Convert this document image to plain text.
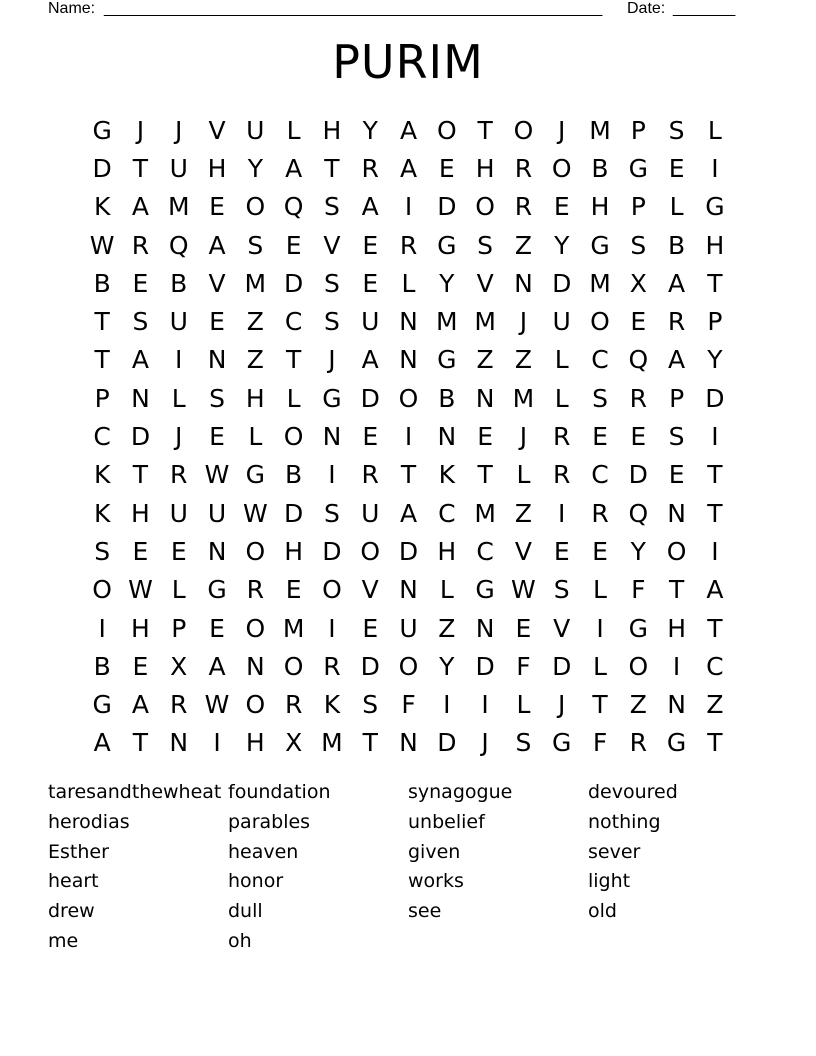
Name: ________________________________________________________ Date: _______
PURIM
G J	J	V U L H Y A O T O J M P S L
D T U H Y A T R A E H R O B G E	I
K A M E O Q S A	I D O R E H P L G
W R Q A S E V E R G S Z Y G S B H
B E B V M D S E L Y V N D M X A T
T S U E Z C S U N M M J	U O E R P
T A	I	N Z T	J	A N G Z Z L C Q A Y
P N L S H L G D O B N M L S R P D
C D J	E L O N E	I	N E	J	R E E S	I
K T R W G B	I	R T K T L R C D E T
K H U U W D S U A C M Z	I	R Q N T
S E E N O H D O D H C V E E Y O I
O W L G R E O V N L G W S L F T A
I	H P E O M I	E U Z N E V	I G H T
B E X A N O R D O Y D F D L O I	C
G A R W O R K S F	I	I	L	J	T Z N Z
A T N	I	H X M T N D J	S G F R G T
taresandthewheat foundation	synagogue	devoured
herodias	parables	unbelief	nothing
Esther	heaven	given	sever
heart	honor	works	light
drew	dull	see	old
me	oh
